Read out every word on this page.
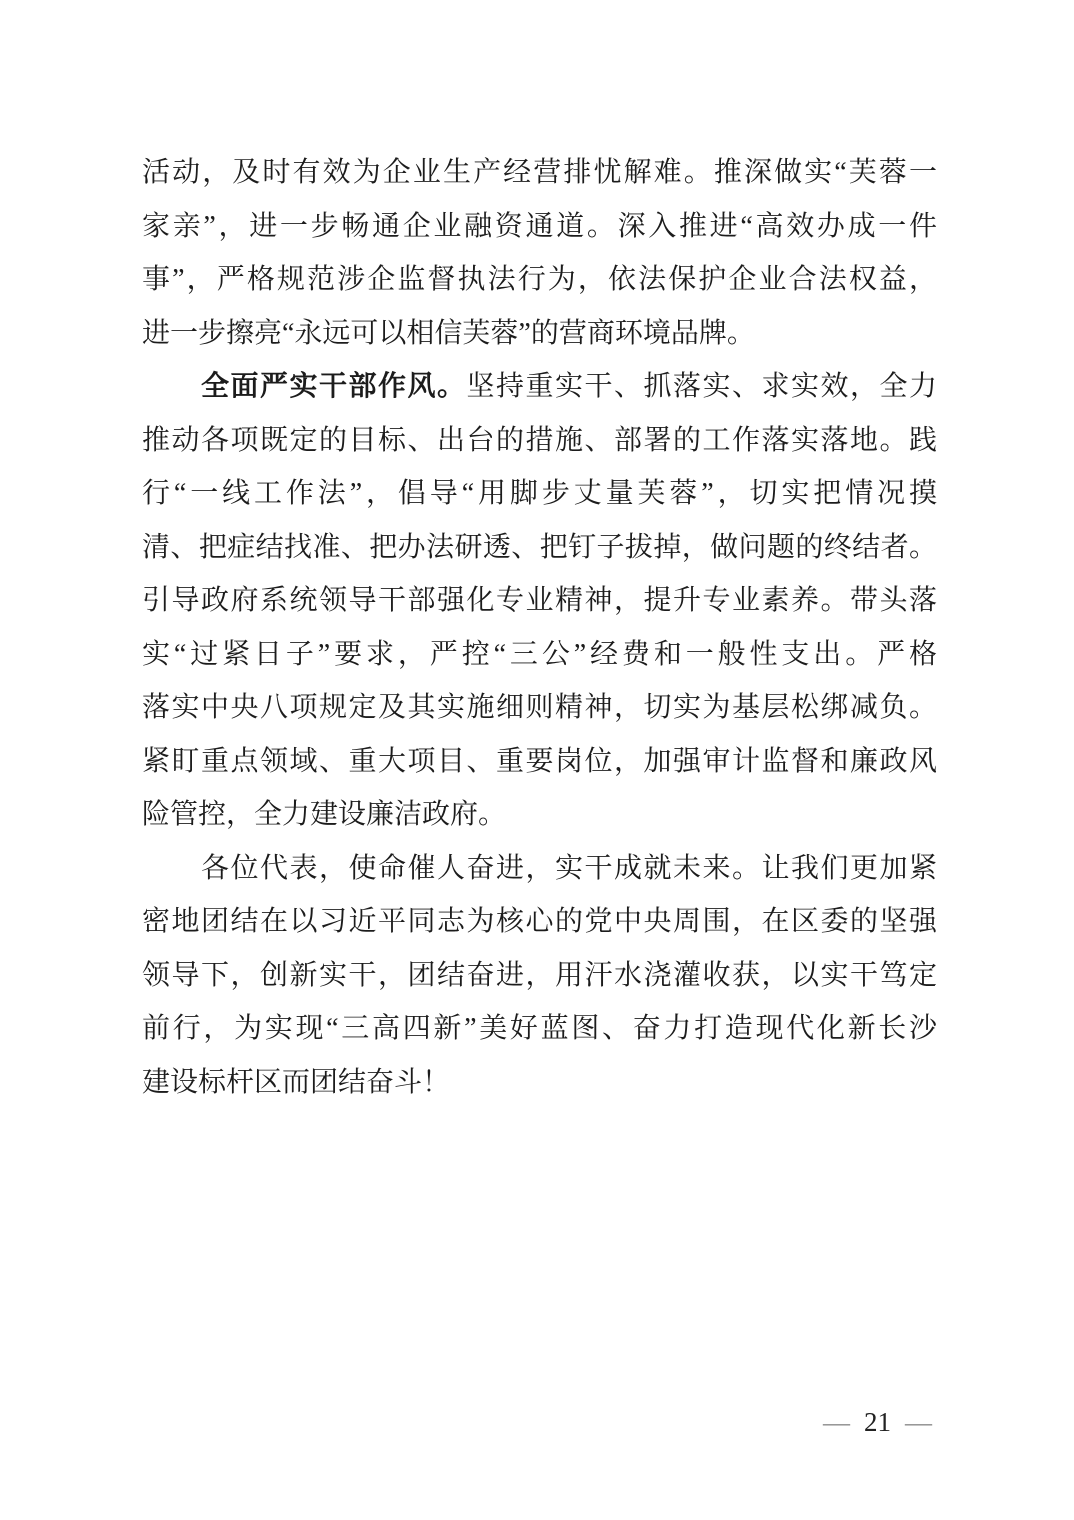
活动，及时有效为企业生产经营排忧解难。推深做实“芙蓉一
家亲”，进一步畅通企业融资通道。深入推进“高效办成一件
事”，严格规范涉企监督执法行为，依法保护企业合法权益，
进一步擦亮“永远可以相信芙蓉”的营商环境品牌。
全面严实干部作风。坚持重实干、抓落实、求实效，全力
推动各项既定的目标、出台的措施、部署的工作落实落地。践
行“一线工作法”，倡导“用脚步丈量芙蓉”，切实把情况摸
清、把症结找准、把办法研透、把钉子拔掉，做问题的终结者。
引导政府系统领导干部强化专业精神，提升专业素养。带头落
实“过紧日子”要求，严控“三公”经费和一般性支出。严格
落实中央八项规定及其实施细则精神，切实为基层松绑减负。
紧盯重点领域、重大项目、重要岗位，加强审计监督和廉政风
险管控，全力建设廉洁政府。
各位代表，使命催人奋进，实干成就未来。让我们更加紧
密地团结在以习近平同志为核心的党中央周围，在区委的坚强
领导下，创新实干，团结奋进，用汗水浇灌收获，以实干笃定
前行，为实现“三高四新”美好蓝图、奋力打造现代化新长沙
建设标杆区而团结奋斗！
— 21 —
